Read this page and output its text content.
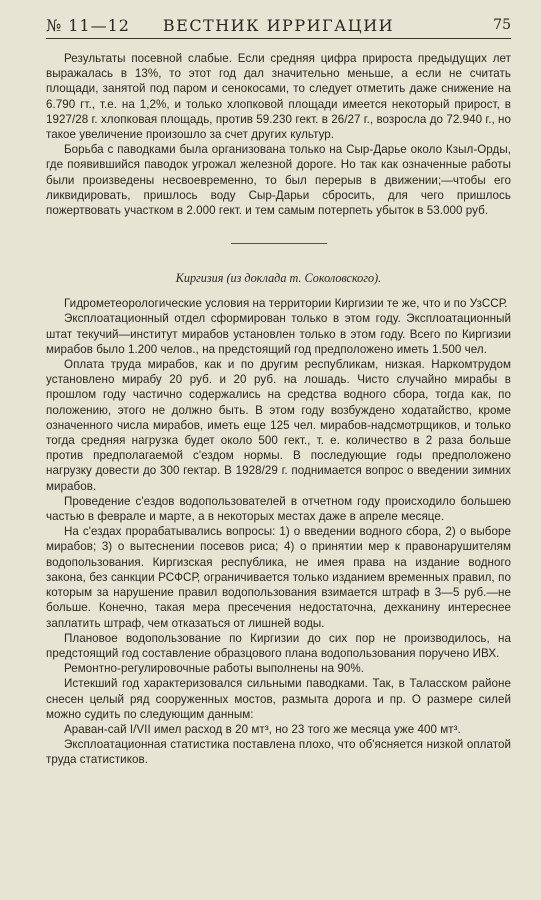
№ 11—12	ВЕСТНИК ИРРИГАЦИИ	75

Результаты посевной слабые. Если средняя цифра прироста предыдущих лет выражалась в 13%, то этот год дал значительно меньше, а если не считать площади, занятой под паром и сенокосами, то следует отметить даже снижение на 6.790 гт., т.е. на 1,2%, и только хлопковой площади имеется некоторый прирост, в 1927/28 г. хлопковая площадь, против 59.230 гект. в 26/27 г., возросла до 72.940 г., но такое увеличение произошло за счет других культур.

Борьба с паводками была организована только на Сыр-Дарье около Кзыл-Орды, где появившийся паводок угрожал железной дороге. Но так как означенные работы были произведены несвоевременно, то был перерыв в движении;—чтобы его ликвидировать, пришлось воду Сыр-Дарьи сбросить, для чего пришлось пожертвовать участком в 2.000 гект. и тем самым потерпеть убыток в 53.000 руб.

Киргизия (из доклада т. Соколовского).

Гидрометеорологические условия на территории Киргизии те же, что и по УзССР.

Эксплоатационный отдел сформирован только в этом году. Эксплоатационный штат текучий—институт мирабов установлен только в этом году. Всего по Киргизии мирабов было 1.200 челов., на предстоящий год предположено иметь 1.500 чел.

Оплата труда мирабов, как и по другим республикам, низкая. Наркомтрудом установлено мирабу 20 руб. и 20 руб. на лошадь. Чисто случайно мирабы в прошлом году частично содержались на средства водного сбора, тогда как, по положению, этого не должно быть. В этом году возбуждено ходатайство, кроме означенного числа мирабов, иметь еще 125 чел. мирабов-надсмотрщиков, и только тогда средняя нагрузка будет около 500 гект., т. е. количество в 2 раза больше против предполагаемой с'ездом нормы. В последующие годы предположено нагрузку довести до 300 гектар. В 1928/29 г. поднимается вопрос о введении зимних мирабов.

Проведение с'ездов водопользователей в отчетном году происходило большею частью в феврале и марте, а в некоторых местах даже в апреле месяце.

На с'ездах прорабатывались вопросы: 1) о введении водного сбора, 2) о выборе мирабов; 3) о вытеснении посевов риса; 4) о принятии мер к правонарушителям водопользования. Киргизская республика, не имея права на издание водного закона, без санкции РСФСР, ограничивается только изданием временных правил, по которым за нарушение правил водопользования взимается штраф в 3—5 руб.—не больше. Конечно, такая мера пресечения недостаточна, дехканину интереснее заплатить штраф, чем отказаться от лишней воды.

Плановое водопользование по Киргизии до сих пор не производилось, на предстоящий год составление образцового плана водопользования поручено ИВХ.

Ремонтно-регулировочные работы выполнены на 90%.

Истекший год характеризовался сильными паводками. Так, в Таласском районе снесен целый ряд сооруженных мостов, размыта дорога и пр. О размере силей можно судить по следующим данным:

Араван-сай I/VII имел расход в 20 мт³, но 23 того же месяца уже 400 мт³.

Эксплоатационная статистика поставлена плохо, что об'ясняется низкой оплатой труда статистиков.
